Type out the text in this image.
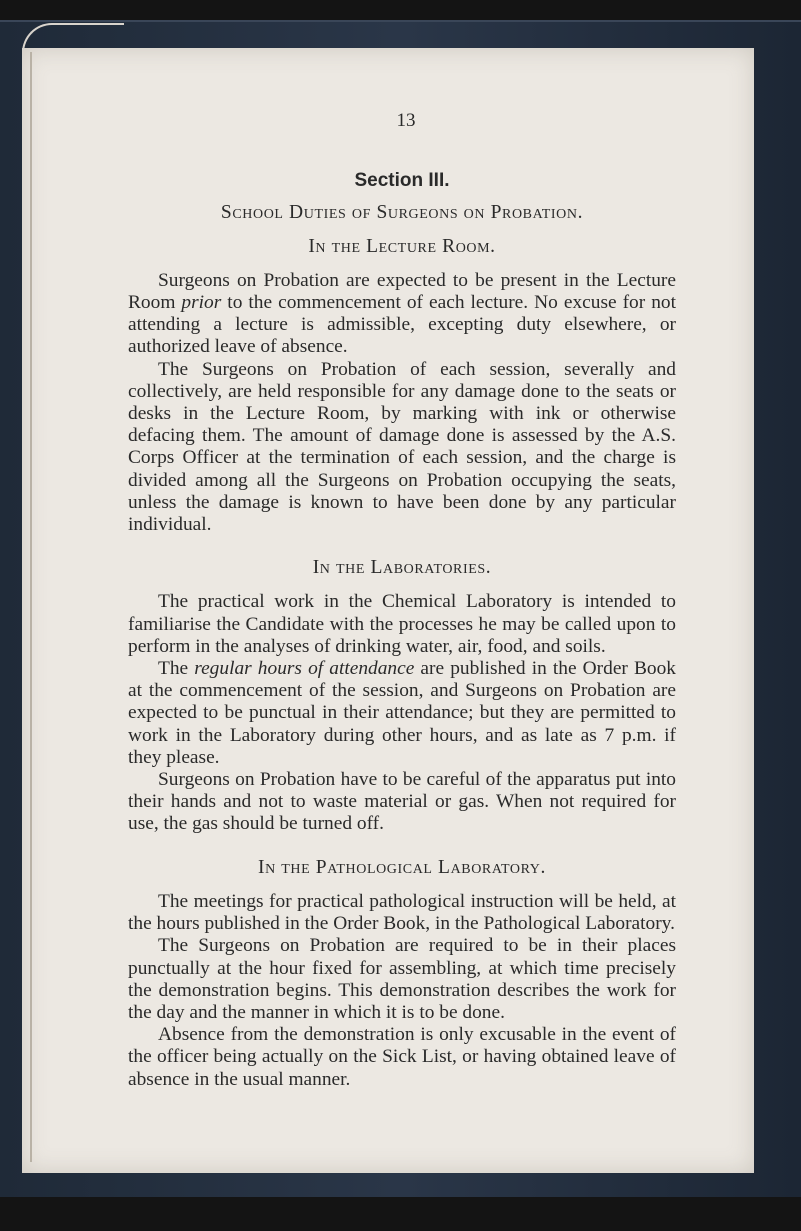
13
Section III.
School Duties of Surgeons on Probation.
In the Lecture Room.

Surgeons on Probation are expected to be present in the Lecture Room prior to the commencement of each lecture. No excuse for not attending a lecture is admissible, excepting duty elsewhere, or authorized leave of absence.

The Surgeons on Probation of each session, severally and collectively, are held responsible for any damage done to the seats or desks in the Lecture Room, by marking with ink or otherwise defacing them. The amount of damage done is assessed by the A.S. Corps Officer at the termination of each session, and the charge is divided among all the Surgeons on Probation occupying the seats, unless the damage is known to have been done by any particular individual.

In the Laboratories.

The practical work in the Chemical Laboratory is intended to familiarise the Candidate with the processes he may be called upon to perform in the analyses of drinking water, air, food, and soils.

The regular hours of attendance are published in the Order Book at the commencement of the session, and Surgeons on Probation are expected to be punctual in their attendance; but they are permitted to work in the Laboratory during other hours, and as late as 7 p.m. if they please.

Surgeons on Probation have to be careful of the apparatus put into their hands and not to waste material or gas. When not required for use, the gas should be turned off.

In the Pathological Laboratory.

The meetings for practical pathological instruction will be held, at the hours published in the Order Book, in the Pathological Laboratory.

The Surgeons on Probation are required to be in their places punctually at the hour fixed for assembling, at which time precisely the demonstration begins. This demonstration describes the work for the day and the manner in which it is to be done.

Absence from the demonstration is only excusable in the event of the officer being actually on the Sick List, or having obtained leave of absence in the usual manner.
